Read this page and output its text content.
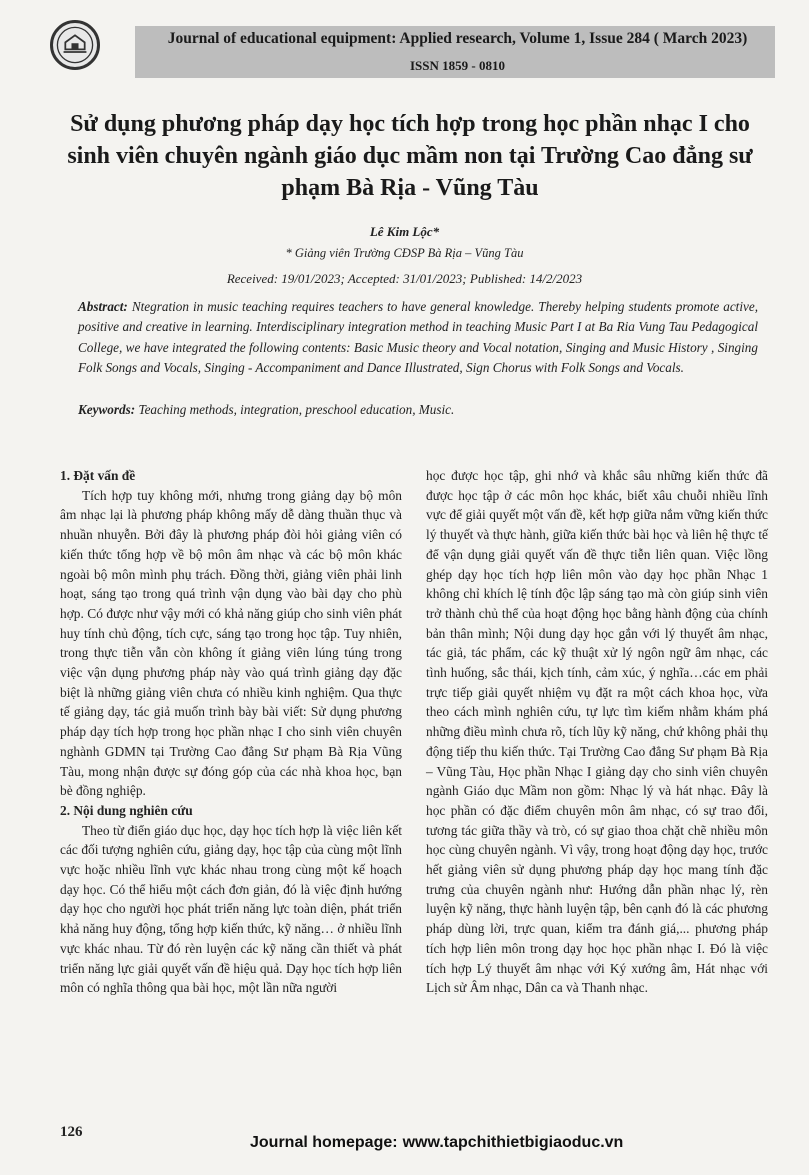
Journal of educational equipment: Applied research, Volume 1, Issue 284 ( March 2023)
ISSN 1859 - 0810
Sử dụng phương pháp dạy học tích hợp trong học phần nhạc I cho sinh viên chuyên ngành giáo dục mầm non tại Trường Cao đẳng sư phạm Bà Rịa - Vũng Tàu
Lê Kim Lộc*
* Giảng viên Trường CĐSP Bà Rịa – Vũng Tàu
Received: 19/01/2023; Accepted: 31/01/2023; Published: 14/2/2023
Abstract: Ntegration in music teaching requires teachers to have general knowledge. Thereby helping students promote active, positive and creative in learning. Interdisciplinary integration method in teaching Music Part I at Ba Ria Vung Tau Pedagogical College, we have integrated the following contents: Basic Music theory and Vocal notation, Singing and Music History , Singing Folk Songs and Vocals, Singing - Accompaniment and Dance Illustrated, Sign Chorus with Folk Songs and Vocals.
Keywords: Teaching methods, integration, preschool education, Music.

1. Đặt vấn đề

Tích hợp tuy không mới, nhưng trong giảng dạy bộ môn âm nhạc lại là phương pháp không mấy dễ dàng thuần thục và nhuần nhuyễn. Bởi đây là phương pháp đòi hỏi giảng viên có kiến thức tổng hợp về bộ môn âm nhạc và các bộ môn khác ngoài bộ môn mình phụ trách. Đồng thời, giảng viên phải linh hoạt, sáng tạo trong quá trình vận dụng vào bài dạy cho phù hợp. Có được như vậy mới có khả năng giúp cho sinh viên phát huy tính chủ động, tích cực, sáng tạo trong học tập. Tuy nhiên, trong thực tiễn vẫn còn không ít giảng viên lúng túng trong việc vận dụng phương pháp này vào quá trình giảng dạy đặc biệt là những giảng viên chưa có nhiều kinh nghiệm. Qua thực tế giảng dạy, tác giả muốn trình bày bài viết: Sử dụng phương pháp dạy tích hợp trong học phần nhạc I cho sinh viên chuyên nghành GDMN tại Trường Cao đẳng Sư phạm Bà Rịa Vũng Tàu, mong nhận được sự đóng góp của các nhà khoa học, bạn bè đồng nghiệp.

2. Nội dung nghiên cứu

Theo từ điển giáo dục học, dạy học tích hợp là việc liên kết các đối tượng nghiên cứu, giảng dạy, học tập của cùng một lĩnh vực hoặc nhiều lĩnh vực khác nhau trong cùng một kế hoạch dạy học. Có thể hiểu một cách đơn giản, đó là việc định hướng dạy học cho người học phát triển năng lực toàn diện, phát triển khả năng huy động, tổng hợp kiến thức, kỹ năng… ở nhiều lĩnh vực khác nhau. Từ đó rèn luyện các kỹ năng cần thiết và phát triển năng lực giải quyết vấn đề hiệu quả. Dạy học tích hợp liên môn có nghĩa thông qua bài học, một lần nữa người

học được học tập, ghi nhớ và khắc sâu những kiến thức đã được học tập ở các môn học khác, biết xâu chuỗi nhiều lĩnh vực để giải quyết một vấn đề, kết hợp giữa nắm vững kiến thức lý thuyết và thực hành, giữa kiến thức bài học và liên hệ thực tế để vận dụng giải quyết vấn đề thực tiễn liên quan. Việc lồng ghép dạy học tích hợp liên môn vào dạy học phần Nhạc 1 không chỉ khích lệ tính độc lập sáng tạo mà còn giúp sinh viên trở thành chủ thể của hoạt động học bằng hành động của chính bản thân mình; Nội dung dạy học gắn với lý thuyết âm nhạc, tác giả, tác phẩm, các kỹ thuật xử lý ngôn ngữ âm nhạc, các tình huống, sắc thái, kịch tính, cảm xúc, ý nghĩa…các em phải trực tiếp giải quyết nhiệm vụ đặt ra một cách khoa học, vừa theo cách mình nghiên cứu, tự lực tìm kiếm nhằm khám phá những điều mình chưa rõ, tích lũy kỹ năng, chứ không phải thụ động tiếp thu kiến thức. Tại Trường Cao đẳng Sư phạm Bà Rịa – Vũng Tàu, Học phần Nhạc I giảng dạy cho sinh viên chuyên ngành Giáo dục Mầm non gồm: Nhạc lý và hát nhạc. Đây là học phần có đặc điểm chuyên môn âm nhạc, có sự trao đổi, tương tác giữa thầy và trò, có sự giao thoa chặt chẽ nhiều môn học cùng chuyên ngành. Vì vậy, trong hoạt động dạy học, trước hết giảng viên sử dụng phương pháp dạy học mang tính đặc trưng của chuyên ngành như: Hướng dẫn phần nhạc lý, rèn luyện kỹ năng, thực hành luyện tập, bên cạnh đó là các phương pháp dùng lời, trực quan, kiểm tra đánh giá,... phương pháp tích hợp liên môn trong dạy học học phần nhạc I. Đó là việc tích hợp Lý thuyết âm nhạc với Ký xướng âm, Hát nhạc với Lịch sử Âm nhạc, Dân ca và Thanh nhạc.

126
Journal homepage: www.tapchithietbigiaoduc.vn
